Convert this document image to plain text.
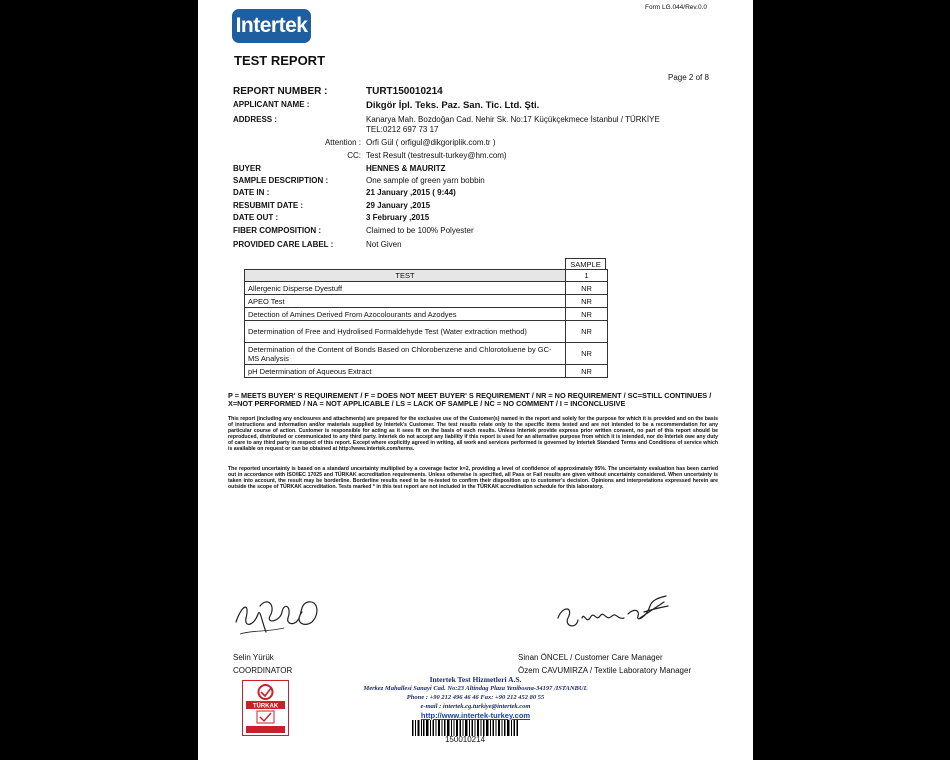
Form LG.044/Rev.0.0
Intertek
TEST REPORT
Page 2 of 8
REPORT NUMBER :	TURT150010214
APPLICANT NAME :	Dikgör İpl. Teks. Paz. San. Tic. Ltd. Şti.
ADDRESS :	Kanarya Mah. Bozdoğan Cad. Nehir Sk. No:17 Küçükçekmece İstanbul / TÜRKİYE
TEL:0212 697 73 17
Attention : Orfi Gül ( orfigul@dikgoriplik.com.tr )
CC: Test Result (testresult-turkey@hm.com)
BUYER	HENNES & MAURITZ
SAMPLE DESCRIPTION :	One sample of green yarn bobbin
DATE IN :	21 January ,2015 ( 9:44)
RESUBMIT DATE :	29 January ,2015
DATE OUT :	3 February ,2015
FIBER COMPOSITION :	Claimed to be 100% Polyester
PROVIDED CARE LABEL :	Not Given
SAMPLE
TEST	1
Allergenic Disperse Dyestuff	NR
APEO Test	NR
Detection of Amines Derived From Azocolourants and Azodyes	NR
Determination of Free and Hydrolised Formaldehyde Test (Water extraction method)	NR
Determination of the Content of Bonds Based on Chlorobenzene and Chlorotoluene by GC-MS Analysis	NR
pH Determination of Aqueous Extract	NR
P = MEETS BUYER' S REQUIREMENT / F = DOES NOT MEET BUYER' S REQUIREMENT / NR = NO REQUIREMENT / SC=STILL CONTINUES / X=NOT PERFORMED / NA = NOT APPLICABLE / LS = LACK OF SAMPLE / NC = NO COMMENT / I = INCONCLUSIVE
This report (including any enclosures and attachments) are prepared for the exclusive use of the Customer(s) named in the report and solely for the purpose for which it is provided and on the basis of instructions and information and/or materials supplied by Intertek's Customer. The test results relate only to the specific items tested and are not intended to be a recommendation for any particular course of action. Customer is responsible for acting as it sees fit on the basis of such results. Unless Intertek provide express prior written consent, no part of this report should be reproduced, distributed or communicated to any third party. Intertek do not accept any liability if this report is used for an alternative purpose from which it is intended, nor do Intertek owe any duty of care to any third party in respect of this report. Except where explicitly agreed in writing, all work and services performed is governed by Intertek Standard Terms and Conditions of service which is available on request or can be obtained at http://www.intertek.com/terms.
The reported uncertainty is based on a standard uncertainty multiplied by a coverage factor k=2, providing a level of confidence of approximately 95%. The uncertainty evaluation has been carried out in accordance with ISO/IEC 17025 and TÜRKAK accreditation requirements. Unless otherwise is specified, all Pass or Fail results are given without uncertainty considered. When uncertainty is taken into account, the result may be borderline. Borderline results need to be re-tested to confirm their disposition up to customer's decision. Opinions and interpretations expressed herein are outside the scope of TÜRKAK accreditation. Tests marked * in this test report are not included in the TÜRKAK accreditation schedule for this laboratory.
Selin Yürük
COORDINATOR
Sinan ÖNCEL / Customer Care Manager
Özem CAVUMIRZA / Textile Laboratory Manager
TÜRKAK
Intertek Test Hizmetleri A.S.
Merkez Mahallesi Sanayi Cad. No:23 Altindag Plaza Yenibosna-34197 /ISTANBUL
Phone : +90 212 496 46 46 Fax: +90 212 452 80 55
e-mail : intertek.cg.turkiye@intertek.com
http://www.intertek-turkey.com
150010214
